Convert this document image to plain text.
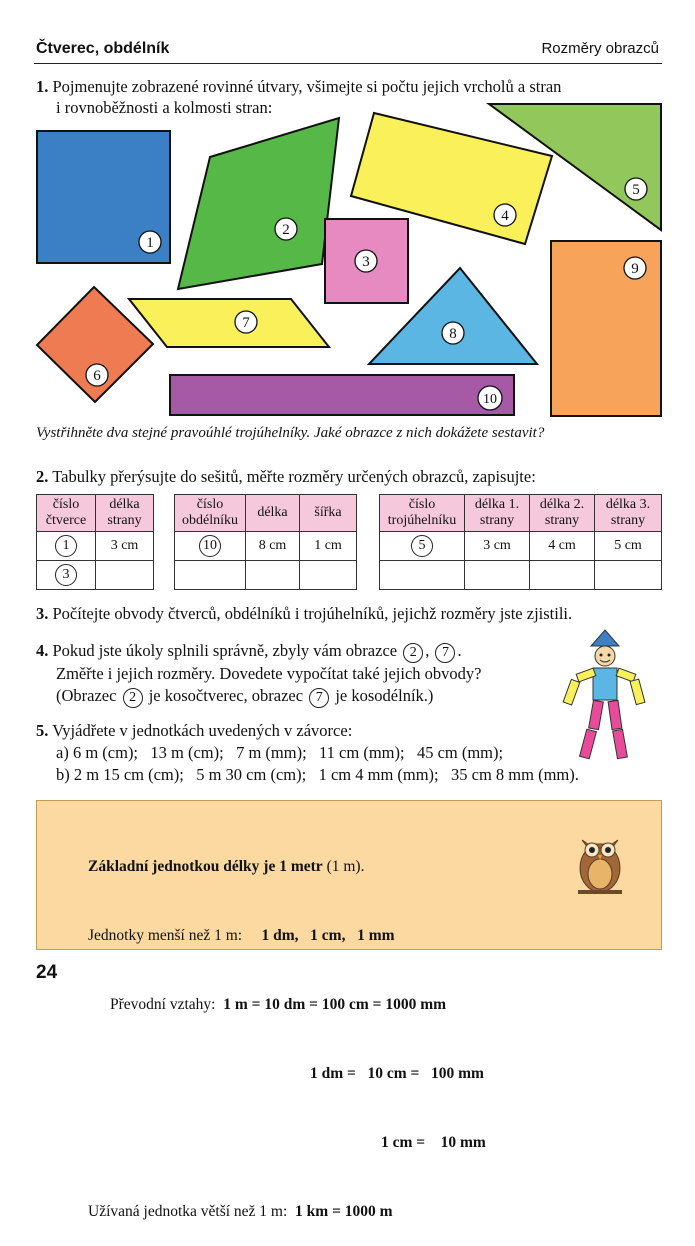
Čtverec, obdélník	Rozměry obrazců
1. Pojmenujte zobrazené rovinné útvary, všimejte si počtu jejich vrcholů a stran
i rovnoběžnosti a kolmosti stran:
1
2
3
4
5
6
7
8
9
10
Vystřihněte dva stejné pravoúhlé trojúhelníky. Jaké obrazce z nich dokážete sestavit?
2. Tabulky přerýsujte do sešitů, měřte rozměry určených obrazců, zapisujte:
číslo čtverce	délka strany
1	3 cm
3	
číslo obdélníku	délka	šířka
10	8 cm	1 cm

číslo trojúhelníku	délka 1. strany	délka 2. strany	délka 3. strany
5	3 cm	4 cm	5 cm

3. Počítejte obvody čtverců, obdélníků i trojúhelníků, jejichž rozměry jste zjistili.
4. Pokud jste úkoly splnili správně, zbyly vám obrazce 2 , 7 .
Změřte i jejich rozměry. Dovedete vypočítat také jejich obvody?
(Obrazec 2 je kosočtverec, obrazec 7 je kosodélník.)
5. Vyjádřete v jednotkách uvedených v závorce:
a) 6 m (cm);   13 m (cm);   7 m (mm);   11 cm (mm);   45 cm (mm);
b) 2 m 15 cm (cm);   5 m 30 cm (cm);   1 cm 4 mm (mm);   35 cm 8 mm (mm).

Základní jednotkou délky je 1 metr (1 m).

Jednotky menší než 1 m: 1 dm,   1 cm,   1 mm

Převodní vztahy: 1 m = 10 dm = 100 cm = 1000 mm

1 dm =   10 cm =   100 mm

1 cm =    10 mm

Užívaná jednotka větší než 1 m: 1 km = 1000 m

24
